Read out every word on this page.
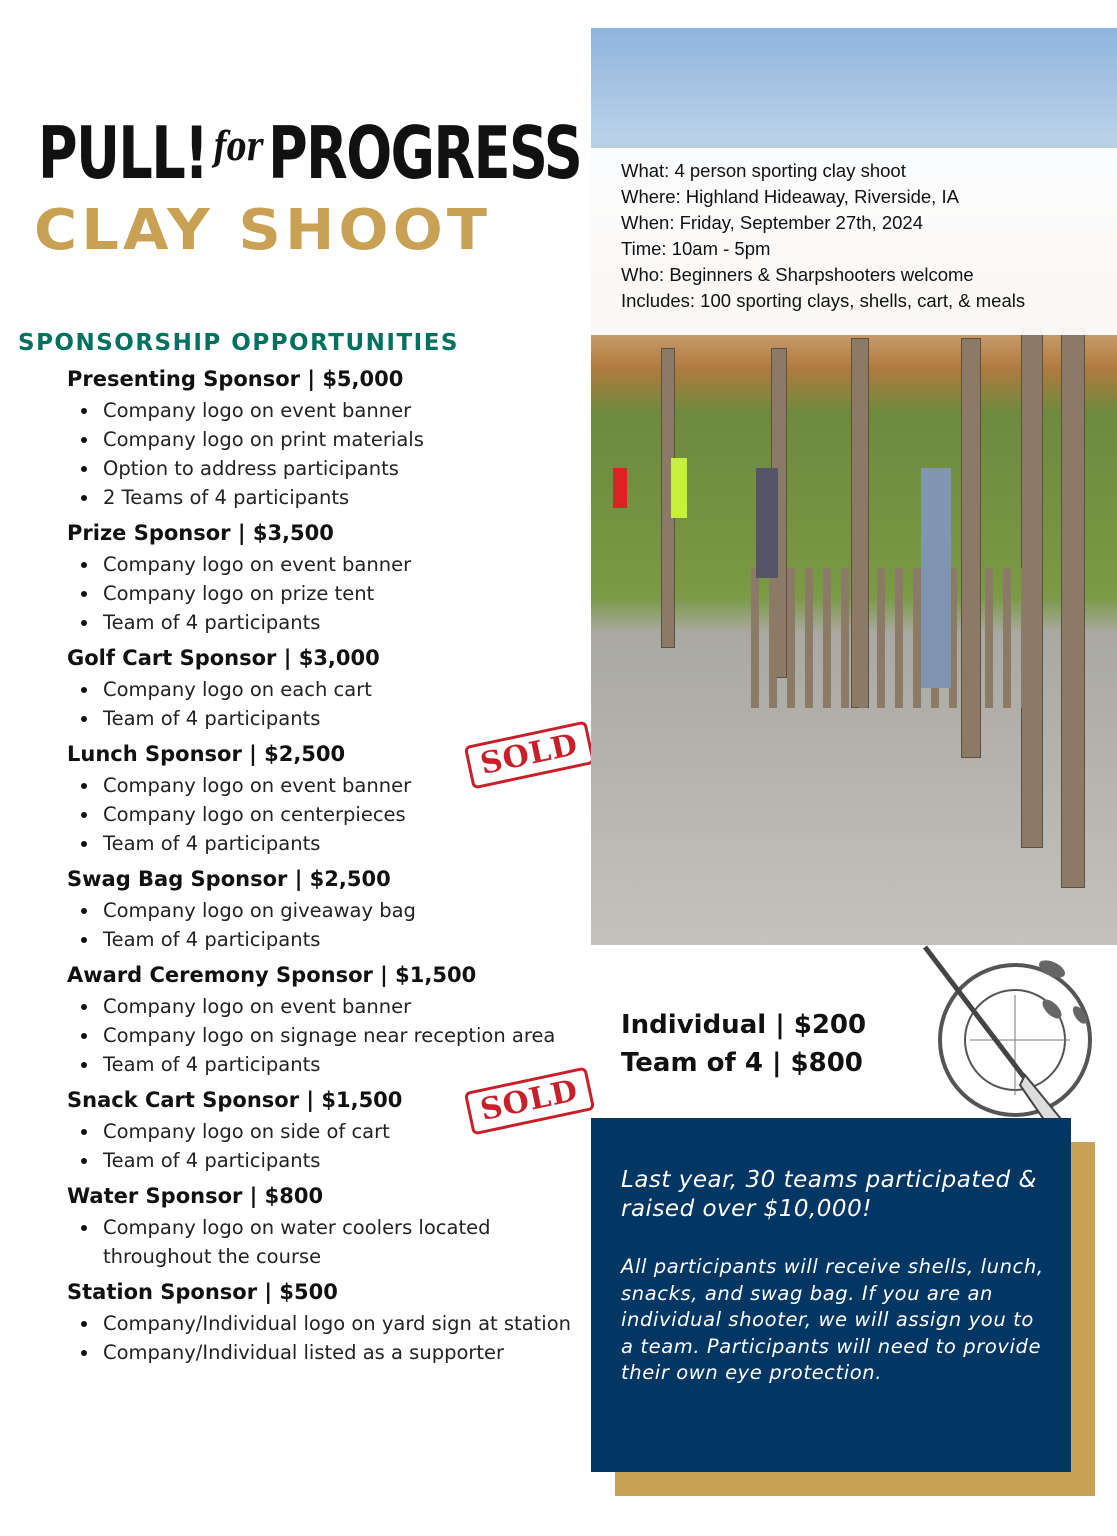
PULL! $^{for}$PROGRESS
CLAY SHOOT
SPONSORSHIP OPPORTUNITIES
Presenting Sponsor | $5,000
Company logo on event banner
Company logo on print materials
Option to address participants
2 Teams of 4 participants
Prize Sponsor | $3,500
Company logo on event banner
Company logo on prize tent
Team of 4 participants
Golf Cart Sponsor | $3,000
Company logo on each cart
Team of 4 participants
Lunch Sponsor | $2,500	SOLD
Company logo on event banner
Company logo on centerpieces
Team of 4 participants
Swag Bag Sponsor | $2,500
Company logo on giveaway bag
Team of 4 participants
Award Ceremony Sponsor | $1,500
Company logo on event banner
Company logo on signage near reception area
Team of 4 participants
Snack Cart Sponsor | $1,500	SOLD
Company logo on side of cart
Team of 4 participants
Water Sponsor | $800
Company logo on water coolers located throughout the course
Station Sponsor | $500
Company/Individual logo on yard sign at station
Company/Individual listed as a supporter
What: 4 person sporting clay shoot
Where: Highland Hideaway, Riverside, IA
When: Friday, September 27th, 2024
Time: 10am - 5pm
Who: Beginners & Sharpshooters welcome
Includes: 100 sporting clays, shells, cart, & meals
Individual | $200
Team of 4 | $800
Last year, 30 teams participated & raised over $10,000!
All participants will receive shells, lunch, snacks, and swag bag. If you are an individual shooter, we will assign you to a team. Participants will need to provide their own eye protection.
